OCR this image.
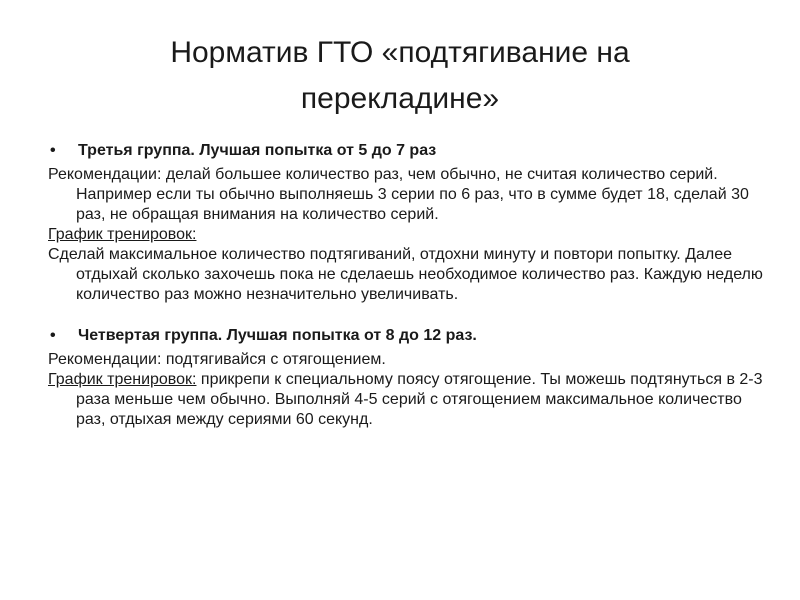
Норматив ГТО «подтягивание на
перекладине»
• Третья группа. Лучшая попытка от 5 до 7 раз

Рекомендации: делай большее количество раз, чем обычно, не считая количество серий. Например если ты обычно выполняешь 3 серии по 6 раз, что в сумме будет 18, сделай 30 раз, не обращая внимания на количество серий.

График тренировок:

Сделай максимальное количество подтягиваний, отдохни минуту и повтори попытку. Далее отдыхай сколько захочешь пока не сделаешь необходимое количество раз. Каждую неделю количество раз можно незначительно увеличивать.

• Четвертая группа. Лучшая попытка от 8 до 12 раз.

Рекомендации: подтягивайся с отягощением.

График тренировок: прикрепи к специальному поясу отягощение. Ты можешь подтянуться в 2-3 раза меньше чем обычно. Выполняй 4-5 серий с отягощением максимальное количество раз, отдыхая между сериями 60 секунд.
